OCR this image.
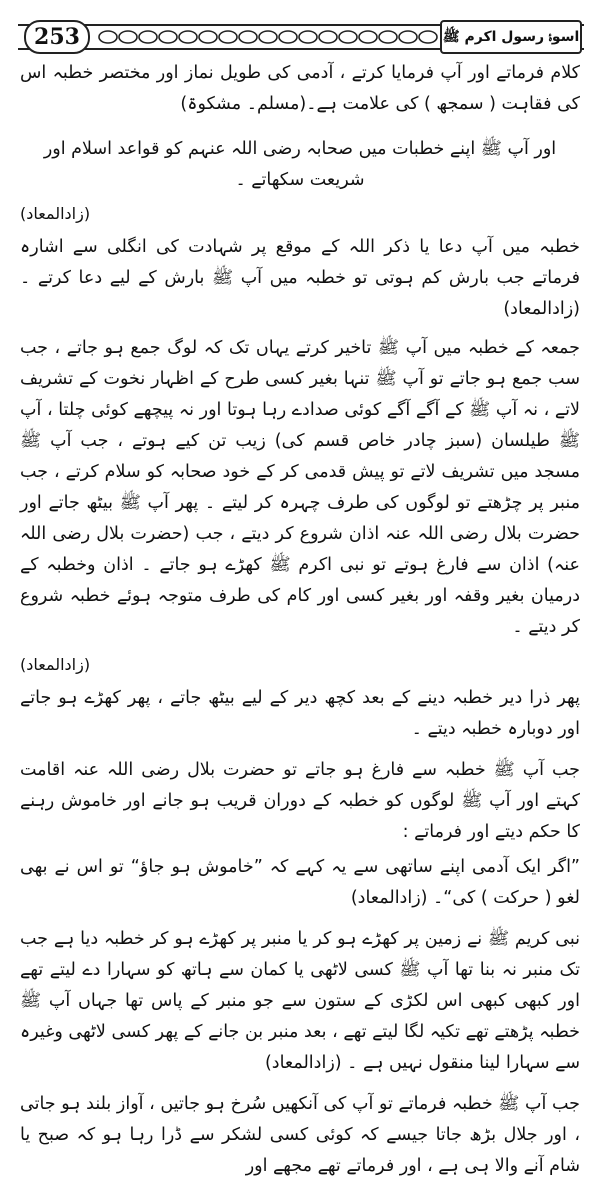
253	اسوۂ رسول اکرم ﷺ

کلام فرماتے اور آپ فرمایا کرتے ، آدمی کی طویل نماز اور مختصر خطبہ اس کی فقاہت ( سمجھ ) کی علامت ہے۔(مسلم۔ مشکوۃ)

اور آپ ﷺ اپنے خطبات میں صحابہ رضی اللہ عنہم کو قواعد اسلام اور شریعت سکھاتے ۔

(زادالمعاد)

خطبہ میں آپ دعا یا ذکر اللہ کے موقع پر شہادت کی انگلی سے اشارہ فرماتے جب بارش کم ہوتی تو خطبہ میں آپ ﷺ بارش کے لیے دعا کرتے ۔ (زادالمعاد)

جمعہ کے خطبہ میں آپ ﷺ تاخیر کرتے یہاں تک کہ لوگ جمع ہو جاتے ، جب سب جمع ہو جاتے تو آپ ﷺ تنہا بغیر کسی طرح کے اظہار نخوت کے تشریف لاتے ، نہ آپ ﷺ کے آگے آگے کوئی صدادے رہا ہوتا اور نہ پیچھے کوئی چلتا ، آپ ﷺ طیلسان (سبز چادر خاص قسم کی) زیب تن کیے ہوتے ، جب آپ ﷺ مسجد میں تشریف لاتے تو پیش قدمی کر کے خود صحابہ کو سلام کرتے ، جب منبر پر چڑھتے تو لوگوں کی طرف چہرہ کر لیتے ۔ پھر آپ ﷺ بیٹھ جاتے اور حضرت بلال رضی اللہ عنہ اذان شروع کر دیتے ، جب (حضرت بلال رضی اللہ عنہ) اذان سے فارغ ہوتے تو نبی اکرم ﷺ کھڑے ہو جاتے ۔ اذان وخطبہ کے درمیان بغیر وقفہ اور بغیر کسی اور کام کی طرف متوجہ ہوئے خطبہ شروع کر دیتے ۔

(زادالمعاد)

پھر ذرا دیر خطبہ دینے کے بعد کچھ دیر کے لیے بیٹھ جاتے ، پھر کھڑے ہو جاتے اور دوبارہ خطبہ دیتے ۔

جب آپ ﷺ خطبہ سے فارغ ہو جاتے تو حضرت بلال رضی اللہ عنہ اقامت کہتے اور آپ ﷺ لوگوں کو خطبہ کے دوران قریب ہو جانے اور خاموش رہنے کا حکم دیتے اور فرماتے :

”اگر ایک آدمی اپنے ساتھی سے یہ کہے کہ ”خاموش ہو جاؤ“ تو اس نے بھی لغو ( حرکت ) کی“۔ (زادالمعاد)

نبی کریم ﷺ نے زمین پر کھڑے ہو کر یا منبر پر کھڑے ہو کر خطبہ دیا ہے جب تک منبر نہ بنا تھا آپ ﷺ کسی لاٹھی یا کمان سے ہاتھ کو سہارا دے لیتے تھے اور کبھی کبھی اس لکڑی کے ستون سے جو منبر کے پاس تھا جہاں آپ ﷺ خطبہ پڑھتے تھے تکیہ لگا لیتے تھے ، بعد منبر بن جانے کے پھر کسی لاٹھی وغیرہ سے سہارا لینا منقول نہیں ہے ۔ (زادالمعاد)

جب آپ ﷺ خطبہ فرماتے تو آپ کی آنکھیں سُرخ ہو جاتیں ، آواز بلند ہو جاتی ، اور جلال بڑھ جاتا جیسے کہ کوئی کسی لشکر سے ڈرا رہا ہو کہ صبح یا شام آنے والا ہی ہے ، اور فرماتے تھے مجھے اور
